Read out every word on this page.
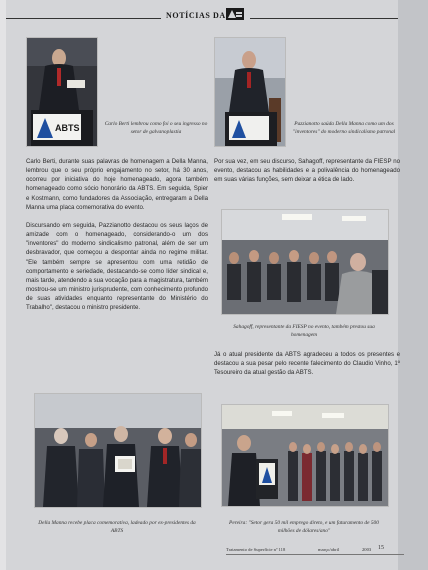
NOTÍCIAS DA
ABTS	Carlo Berti lembrou como foi o seu ingresso no setor de galvanoplastia
Pazzianotto saúda Della Manna como um dos "inventores" do moderno sindicalismo patronal

Carlo Berti, durante suas palavras de homenagem a Della Manna, lembrou que o seu próprio engajamento no setor, há 30 anos, ocorreu por iniciativa do hoje homenageado, agora também homenageado como sócio honorário da ABTS. Em seguida, Spier e Kostmann, como fundadores da Associação, entregaram a Della Manna uma placa comemorativa do evento.

Discursando em seguida, Pazzianotto destacou os seus laços de amizade com o homenageado, considerando-o um dos "inventores" do moderno sindicalismo patronal, além de ser um desbravador, que começou a despontar ainda no regime militar. "Ele também sempre se apresentou com uma retidão de comportamento e seriedade, destacando-se como líder sindical e, mais tarde, atendendo a sua vocação para a magistratura, também mostrou-se um ministro jurisprudente, com conhecimento profundo de suas atividades enquanto representante do Ministério do Trabalho", destacou o ministro presidente.

Por sua vez, em seu discurso, Sahagoff, representante da FIESP no evento, destacou as habilidades e a polivalência do homenageado em suas várias funções, sem deixar a ética de lado.

Sahagoff, representante da FIESP no evento, também prestou sua homenagem

Já o atual presidente da ABTS agradeceu a todos os presentes e destacou a sua pesar pelo recente falecimento do Claudio Vinho, 1º Tesoureiro da atual gestão da ABTS.

Della Manna recebe placa comemorativa, ladeado por ex-presidentes da ABTS
Pereira: "Setor gera 50 mil emprego direto, e um faturamento de 500 milhões de dólares/ano"
Tratamento de Superfície nº 118	março/abril	2003 15
